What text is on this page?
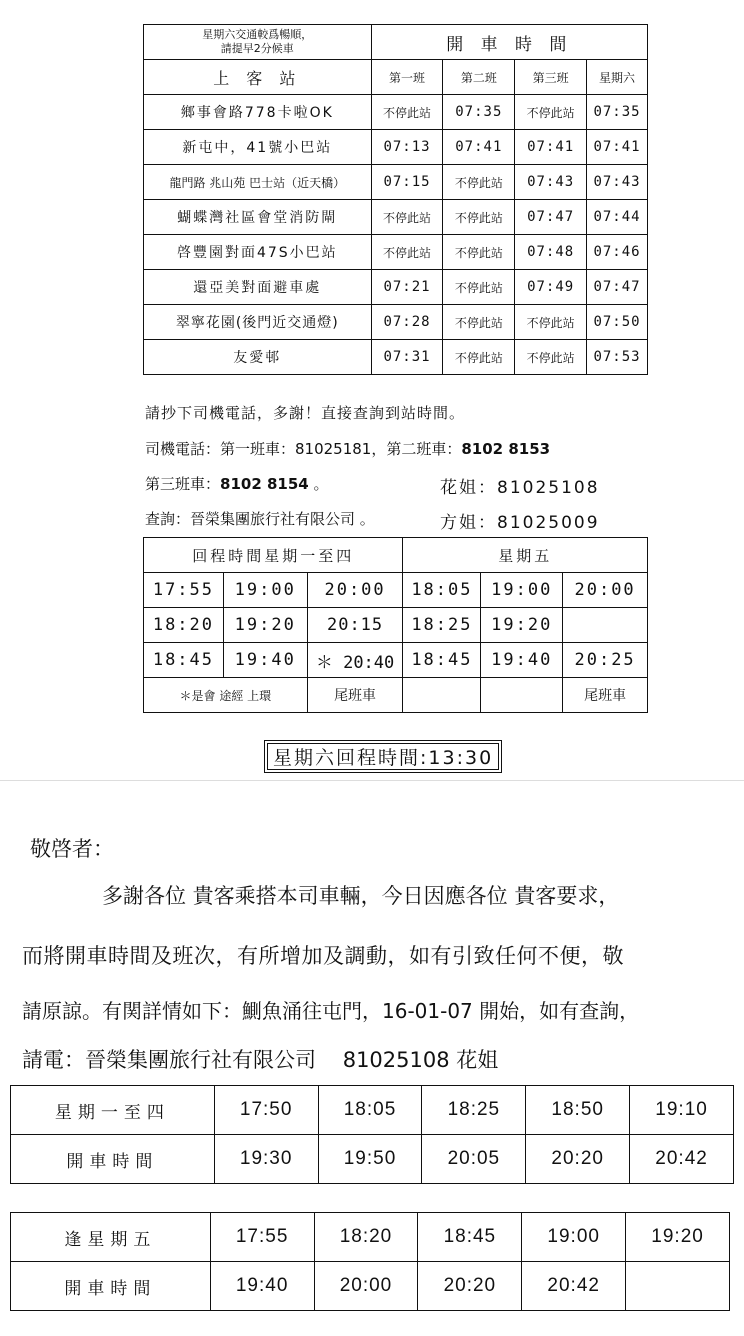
星期六交通較爲暢順，
請提早2分候車	開 車 時 間			
上 客 站	第一班	第二班	第三班	星期六
鄉事會路778卡啦OK	不停此站	07:35	不停此站	07:35
新屯中，41號小巴站	07:13	07:41	07:41	07:41
龍門路 兆山苑 巴士站（近天橋）	07:15	不停此站	07:43	07:43
蝴蝶灣社區會堂消防閘	不停此站	不停此站	07:47	07:44
啓豐園對面47S小巴站	不停此站	不停此站	07:48	07:46
還亞美對面避車處	07:21	不停此站	07:49	07:47
翠寧花園(後門近交通燈)	07:28	不停此站	不停此站	07:50
友愛邨	07:31	不停此站	不停此站	07:53
請抄下司機電話，多謝！直接查詢到站時間。
司機電話：第一班車：81025181，第二班車：8102 8153
第三班車：8102 8154 。	花姐：81025108
查詢：晉榮集團旅行社有限公司 。	方姐：81025009
回程時間星期一至四			星期五		
17:55	19:00	20:00	18:05	19:00	20:00
18:20	19:20	20:15	18:25	19:20	
18:45	19:40	＊ 20:40	18:45	19:40	20:25
＊是會 途經 上環		尾班車			尾班車
星期六回程時間:13:30
敬啓者：
多謝各位 貴客乘搭本司車輛，今日因應各位 貴客要求，
而將開車時間及班次，有所增加及調動，如有引致任何不便，敬
請原諒。有関詳情如下：鰂魚涌往屯門，16-01-07 開始，如有查詢，
請電：晉榮集團旅行社有限公司 81025108 花姐
星期一至四	17:50	18:05	18:25	18:50	19:10
開車時間	19:30	19:50	20:05	20:20	20:42
逢星期五	17:55	18:20	18:45	19:00	19:20
開車時間	19:40	20:00	20:20	20:42	
